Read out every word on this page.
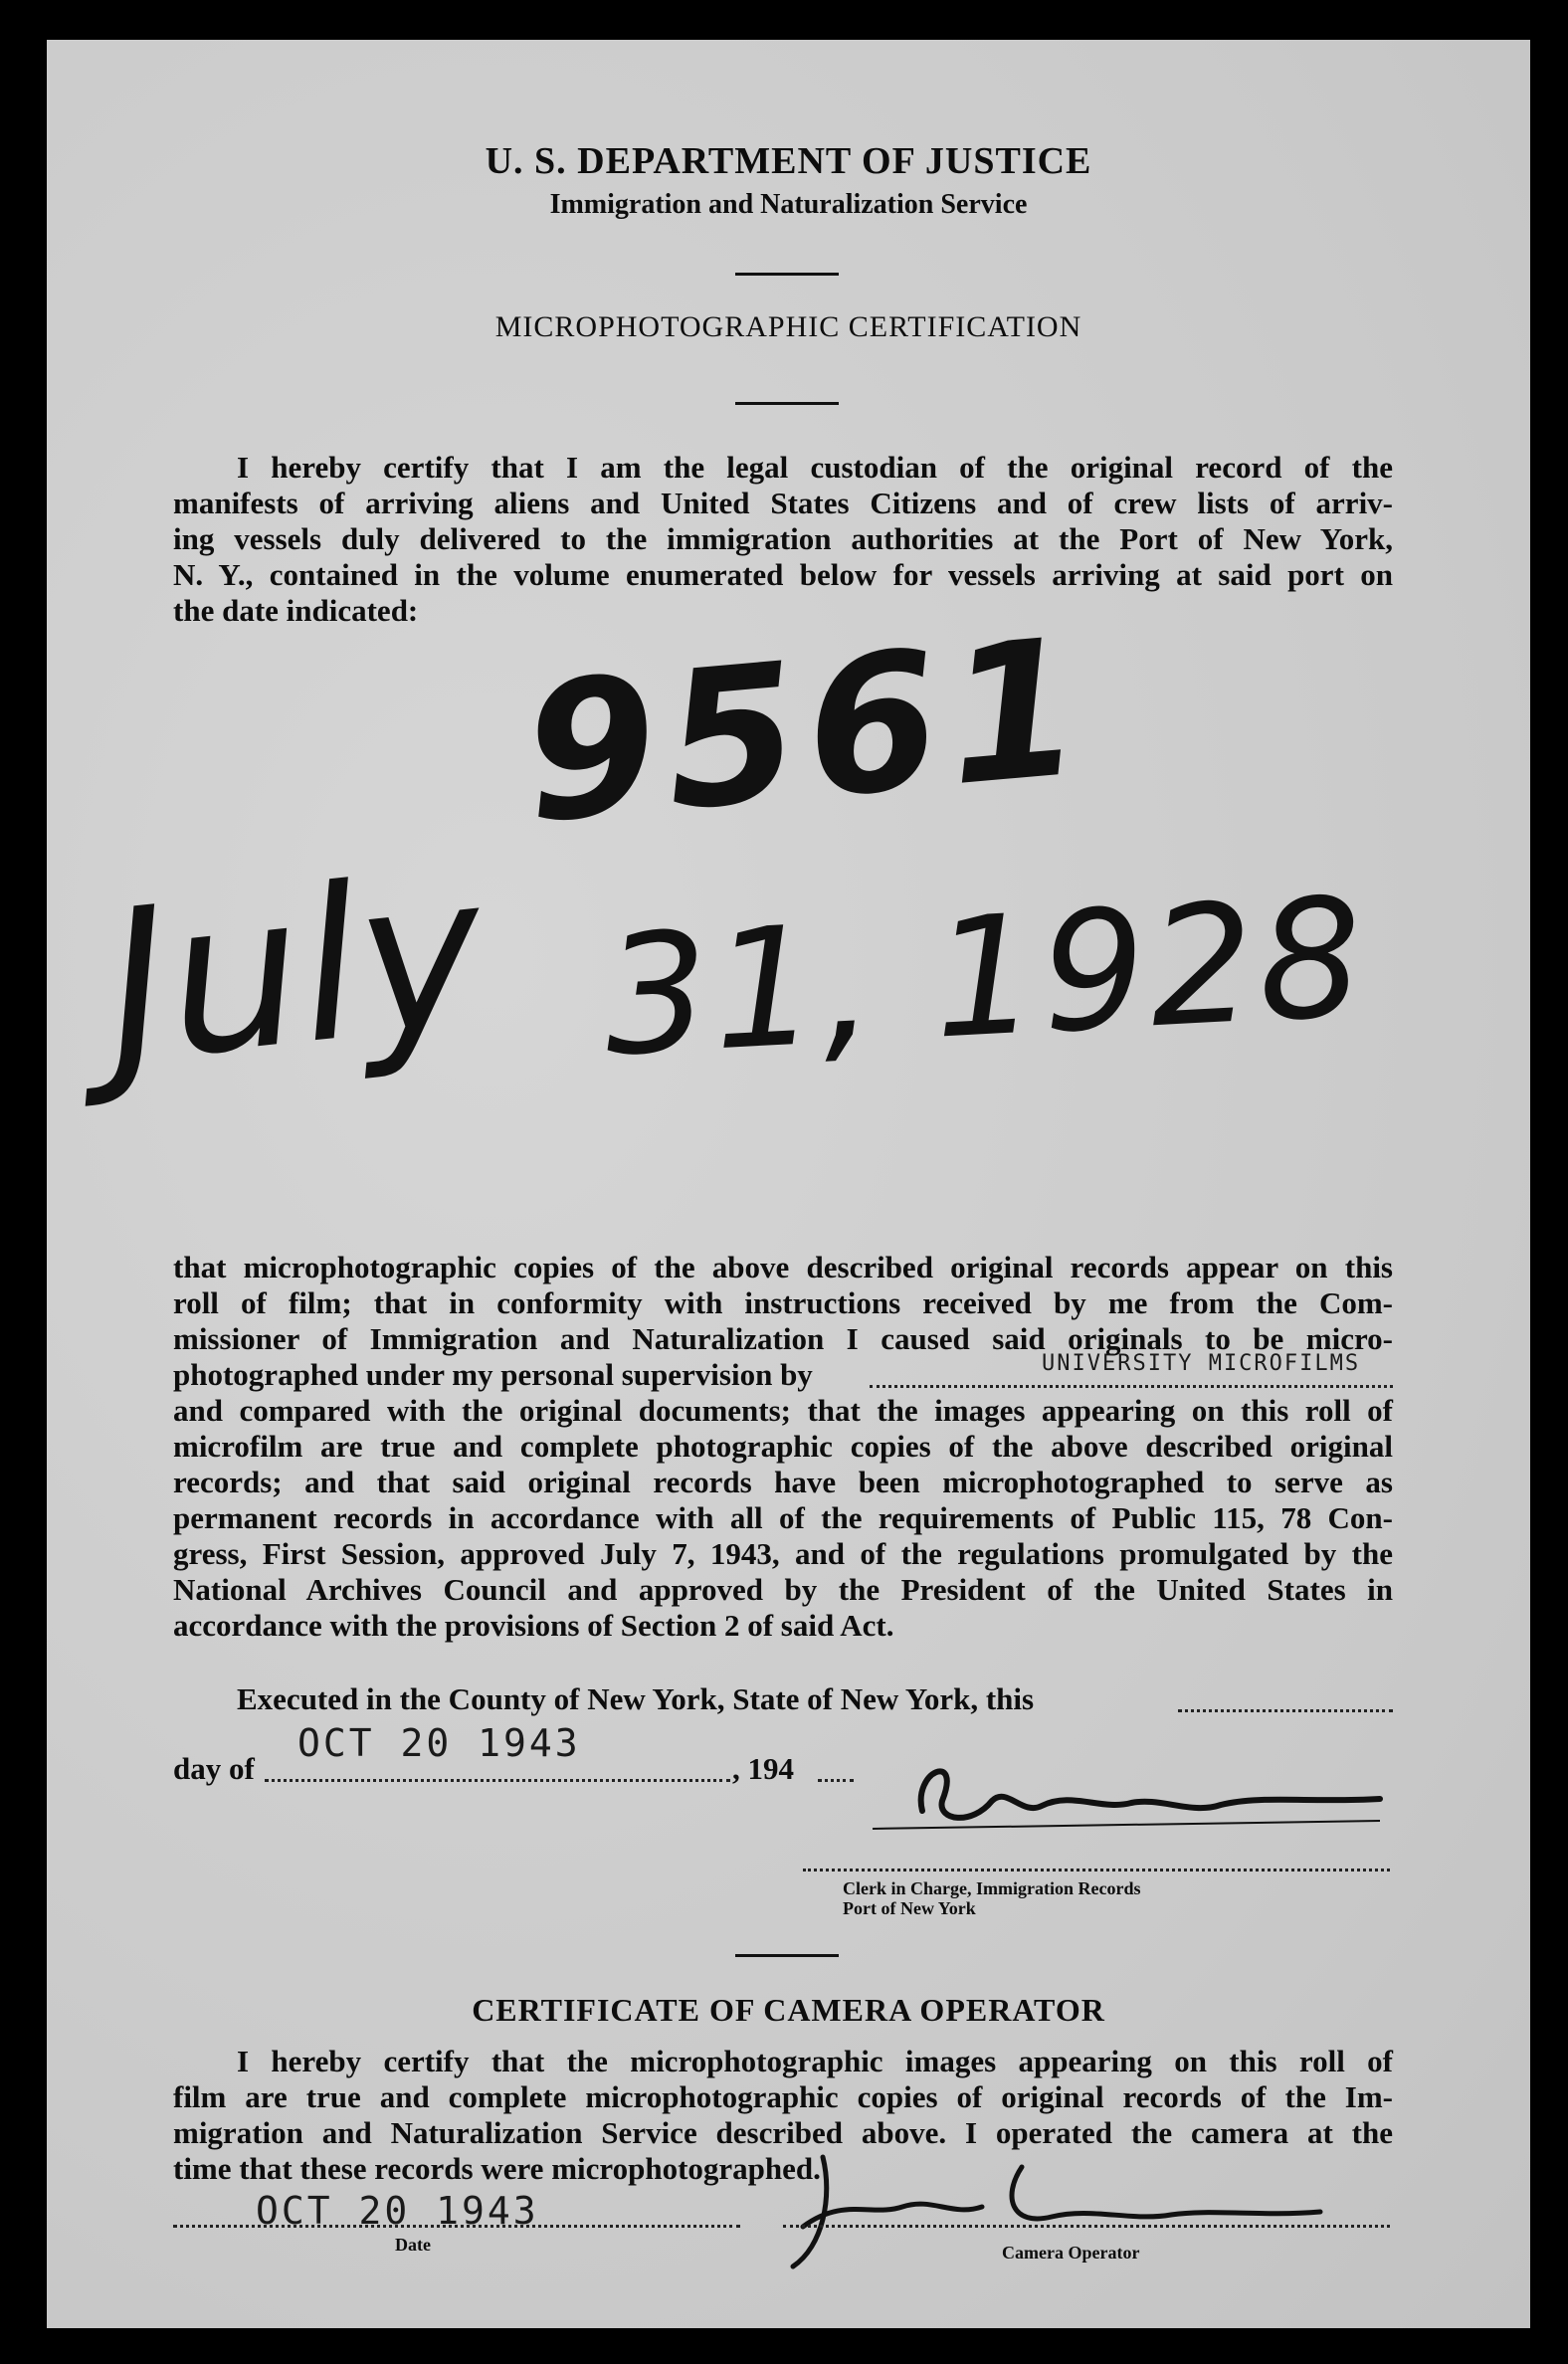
U. S. DEPARTMENT OF JUSTICE
Immigration and Naturalization Service
MICROPHOTOGRAPHIC CERTIFICATION
I hereby certify that I am the legal custodian of the original record of the
manifests of arriving aliens and United States Citizens and of crew lists of arriv-
ing vessels duly delivered to the immigration authorities at the Port of New York,
N. Y., contained in the volume enumerated below for vessels arriving at said port on
the date indicated: 9561
July 31, 1928
that microphotographic copies of the above described original records appear on this
roll of film; that in conformity with instructions received by me from the Com-
missioner of Immigration and Naturalization I caused said originals to be micro-
photographed under my personal supervision by	UNIVERSITY MICROFILMS
and compared with the original documents; that the images appearing on this roll of
microfilm are true and complete photographic copies of the above described original
records; and that said original records have been microphotographed to serve as
permanent records in accordance with all of the requirements of Public 115, 78 Con-
gress, First Session, approved July 7, 1943, and of the regulations promulgated by the
National Archives Council and approved by the President of the United States in
accordance with the provisions of Section 2 of said Act.
Executed in the County of New York, State of New York, this
OCT 20 1943
day of	, 194
Clerk in Charge, Immigration Records
Port of New York
CERTIFICATE OF CAMERA OPERATOR
I hereby certify that the microphotographic images appearing on this roll of
film are true and complete microphotographic copies of original records of the Im-
migration and Naturalization Service described above. I operated the camera at the
time that these records were microphotographed.
OCT 20 1943
Date	Camera Operator
